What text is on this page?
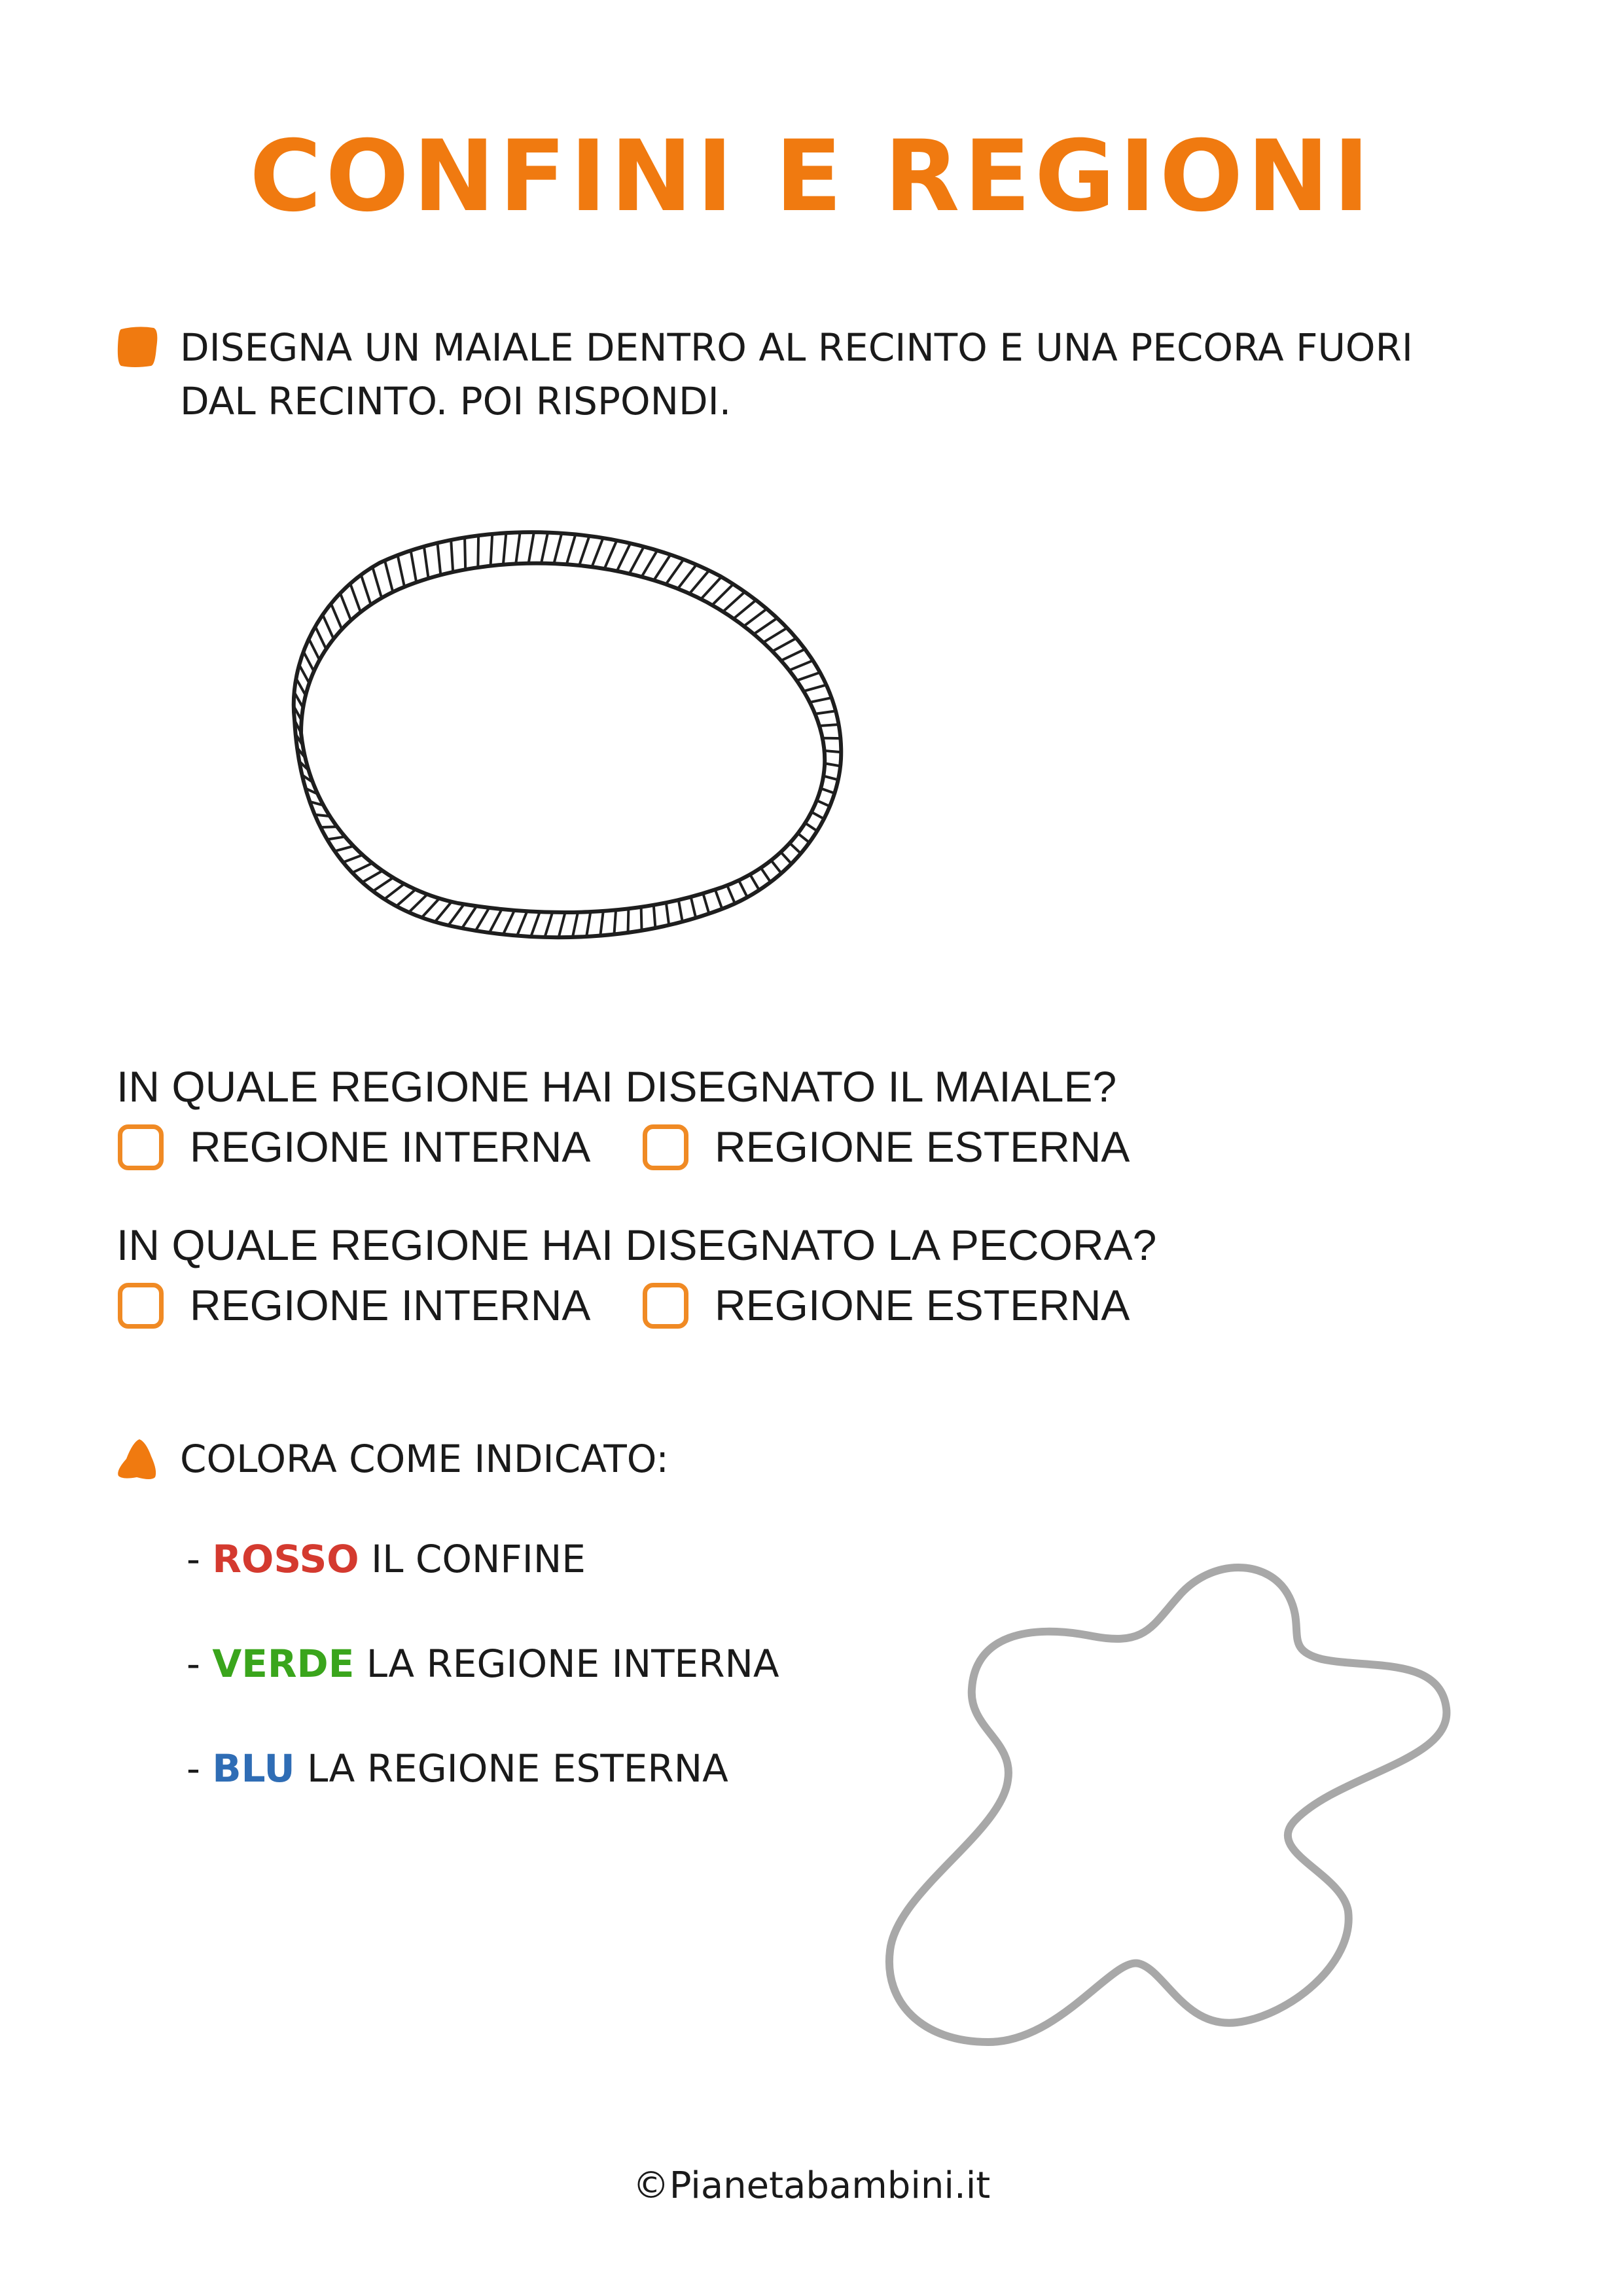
CONFINI E REGIONI
DISEGNA UN MAIALE DENTRO AL RECINTO E UNA PECORA FUORI
DAL RECINTO. POI RISPONDI.
IN QUALE REGIONE HAI DISEGNATO IL MAIALE?
REGIONE INTERNA	REGIONE ESTERNA
IN QUALE REGIONE HAI DISEGNATO LA PECORA?
REGIONE INTERNA	REGIONE ESTERNA
COLORA COME INDICATO:
- ROSSO IL CONFINE
- VERDE LA REGIONE INTERNA
- BLU LA REGIONE ESTERNA
©Pianetabambini.it
